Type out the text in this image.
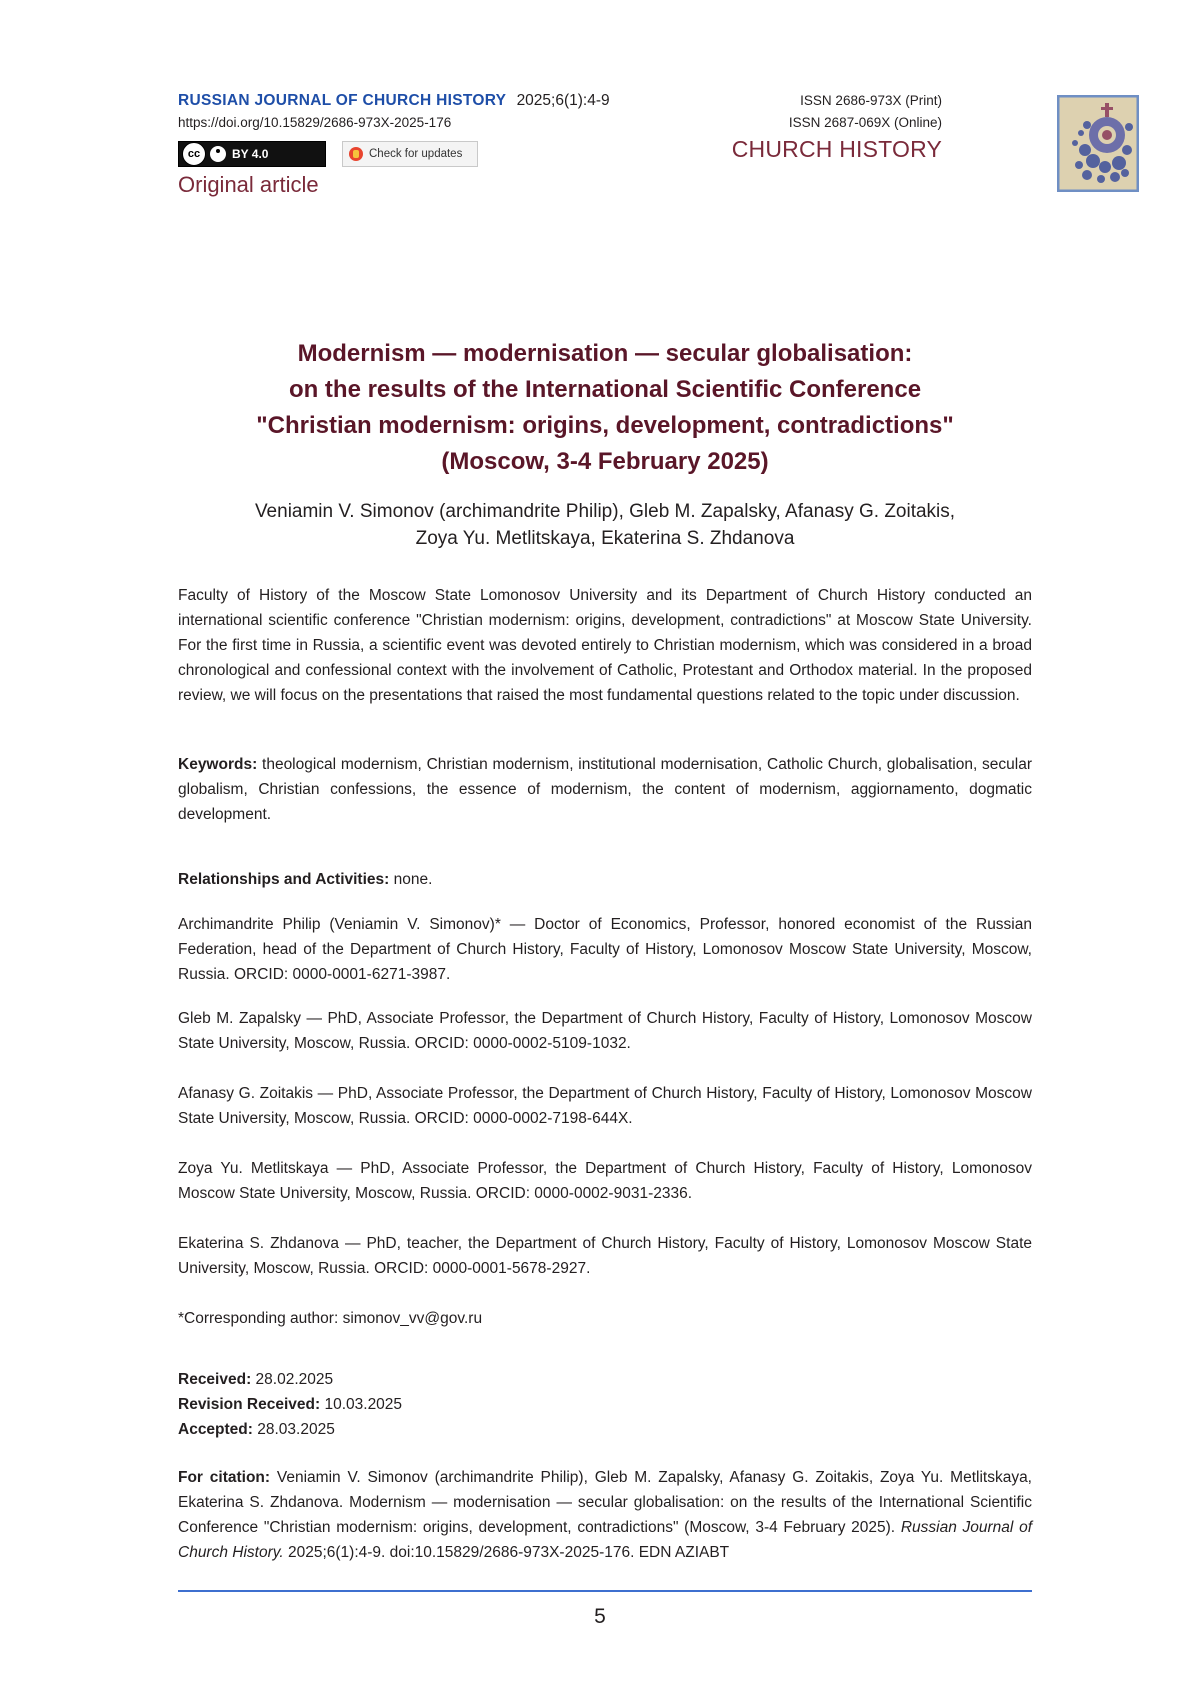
RUSSIAN JOURNAL OF CHURCH HISTORY 2025;6(1):4-9
https://doi.org/10.15829/2686-973X-2025-176
cc	BY 4.0	Check for updates
Original article
ISSN 2686-973X (Print)
ISSN 2687-069X (Online)
CHURCH HISTORY
Modernism — modernisation — secular globalisation:
on the results of the International Scientific Conference
"Christian modernism: origins, development, contradictions"
(Moscow, 3-4 February 2025)
Veniamin V. Simonov (archimandrite Philip), Gleb M. Zapalsky, Afanasy G. Zoitakis,
Zoya Yu. Metlitskaya, Ekaterina S. Zhdanova
Faculty of History of the Moscow State Lomonosov University and its Department of Church History conducted an international scientific conference "Christian modernism: origins, development, contradictions" at Moscow State University. For the first time in Russia, a scientific event was devoted entirely to Christian modernism, which was considered in a broad chronological and confessional context with the involvement of Catholic, Protestant and Orthodox material. In the proposed review, we will focus on the presentations that raised the most fundamental questions related to the topic under discussion.
Keywords: theological modernism, Christian modernism, institutional modernisation, Catholic Church, globalisation, secular globalism, Christian confessions, the essence of modernism, the content of modernism, aggiornamento, dogmatic development.
Relationships and Activities: none.
Archimandrite Philip (Veniamin V. Simonov)* — Doctor of Economics, Professor, honored economist of the Russian Federation, head of the Department of Church History, Faculty of History, Lomonosov Moscow State University, Moscow, Russia. ORCID: 0000-0001-6271-3987.
Gleb M. Zapalsky — PhD, Associate Professor, the Department of Church History, Faculty of History, Lomonosov Moscow State University, Moscow, Russia. ORCID: 0000-0002-5109-1032.
Afanasy G. Zoitakis — PhD, Associate Professor, the Department of Church History, Faculty of History, Lomonosov Moscow State University, Moscow, Russia. ORCID: 0000-0002-7198-644X.
Zoya Yu. Metlitskaya — PhD, Associate Professor, the Department of Church History, Faculty of History, Lomonosov Moscow State University, Moscow, Russia. ORCID: 0000-0002-9031-2336.
Ekaterina S. Zhdanova — PhD, teacher, the Department of Church History, Faculty of History, Lomonosov Moscow State University, Moscow, Russia. ORCID: 0000-0001-5678-2927.
*Corresponding author: simonov_vv@gov.ru
Received: 28.02.2025
Revision Received: 10.03.2025
Accepted: 28.03.2025
For citation: Veniamin V. Simonov (archimandrite Philip), Gleb M. Zapalsky, Afanasy G. Zoitakis, Zoya Yu. Metlitskaya, Ekaterina S. Zhdanova. Modernism — modernisation — secular globalisation: on the results of the International Scientific Conference "Christian modernism: origins, development, contradictions" (Moscow, 3-4 February 2025). Russian Journal of Church History. 2025;6(1):4-9. doi:10.15829/2686-973X-2025-176. EDN AZIABT
5
